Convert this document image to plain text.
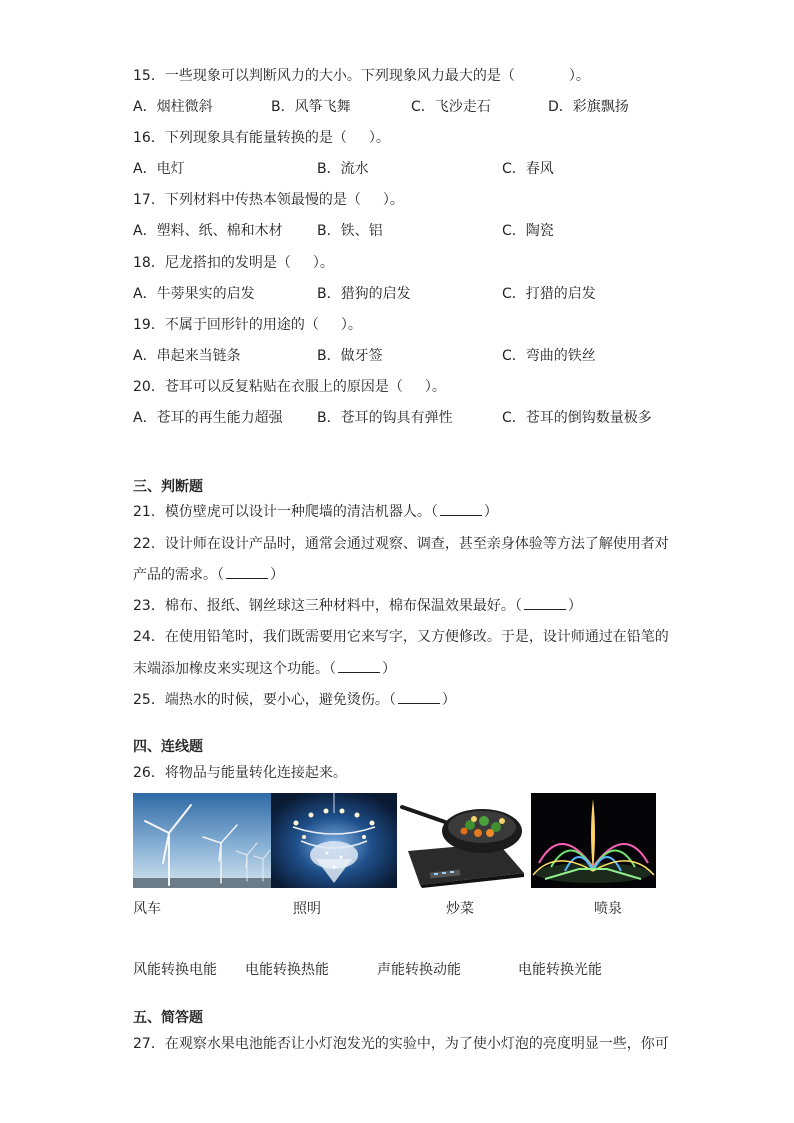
15．一些现象可以判断风力的大小。下列现象风力最大的是（	）。
A．烟柱微斜	B．风筝飞舞	C．飞沙走石	D．彩旗飘扬
16．下列现象具有能量转换的是（ ）。
A．电灯	B．流水	C．春风
17．下列材料中传热本领最慢的是（ ）。
A．塑料、纸、棉和木材 B．铁、铝	C．陶瓷
18．尼龙搭扣的发明是（ ）。
A．牛蒡果实的启发	B．猎狗的启发	C．打猎的启发
19．不属于回形针的用途的（ ）。
A．串起来当链条	B．做牙签	C．弯曲的铁丝
20．苍耳可以反复粘贴在衣服上的原因是（ ）。
A．苍耳的再生能力超强 B．苍耳的钩具有弹性	C．苍耳的倒钩数量极多
三、判断题
21．模仿壁虎可以设计一种爬墙的清洁机器人。（	）
22．设计师在设计产品时，通常会通过观察、调查，甚至亲身体验等方法了解使用者对
产品的需求。（	）
23．棉布、报纸、钢丝球这三种材料中，棉布保温效果最好。（	）
24．在使用铅笔时，我们既需要用它来写字，又方便修改。于是，设计师通过在铅笔的
末端添加橡皮来实现这个功能。（	）
25．端热水的时候，要小心，避免烫伤。（	）
四、连线题
26．将物品与能量转化连接起来。
风车	照明	炒菜	喷泉
风能转换电能 电能转换热能	声能转换动能	电能转换光能
五、简答题
27．在观察水果电池能否让小灯泡发光的实验中，为了使小灯泡的亮度明显一些，你可
